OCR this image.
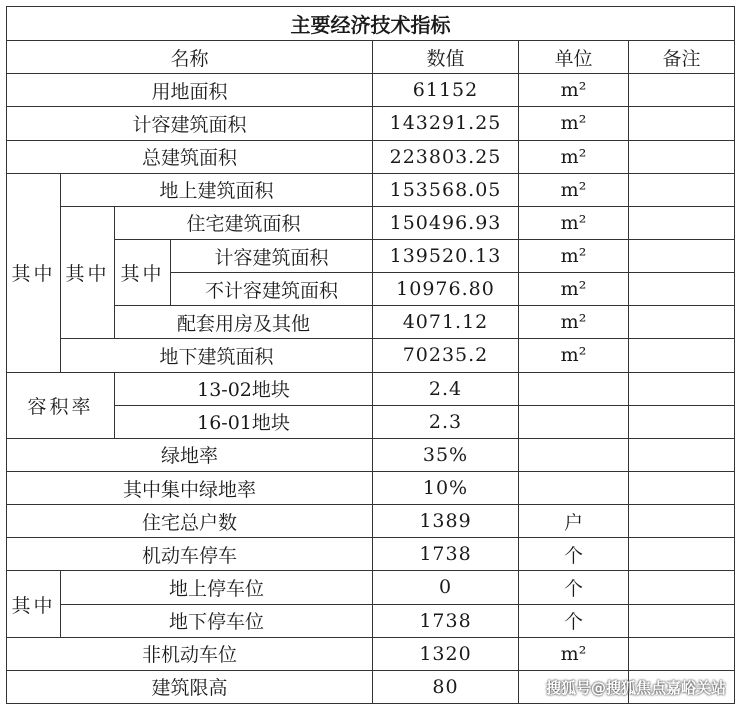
主要经济技术指标						
名称				数值	单位	备注
用地面积				61152	m²	
计容建筑面积				143291.25	m²	
总建筑面积				223803.25	m²	
其中	地上建筑面积			153568.05	m²	
	其中	住宅建筑面积		150496.93	m²	
		其中	计容建筑面积	139520.13	m²	
			不计容建筑面积	10976.80	m²	
		配套用房及其他		4071.12	m²	
	地下建筑面积			70235.2	m²	
容积率		13-02地块		2.4		
		16-01地块		2.3		
绿地率				35%		
其中集中绿地率				10%		
住宅总户数				1389	户	
机动车停车				1738	个	
其中	地上停车位			0	个	
	地下停车位			1738	个	
非机动车位				1320	m²	
建筑限高				80			搜狐号@搜狐焦点嘉峪关站
